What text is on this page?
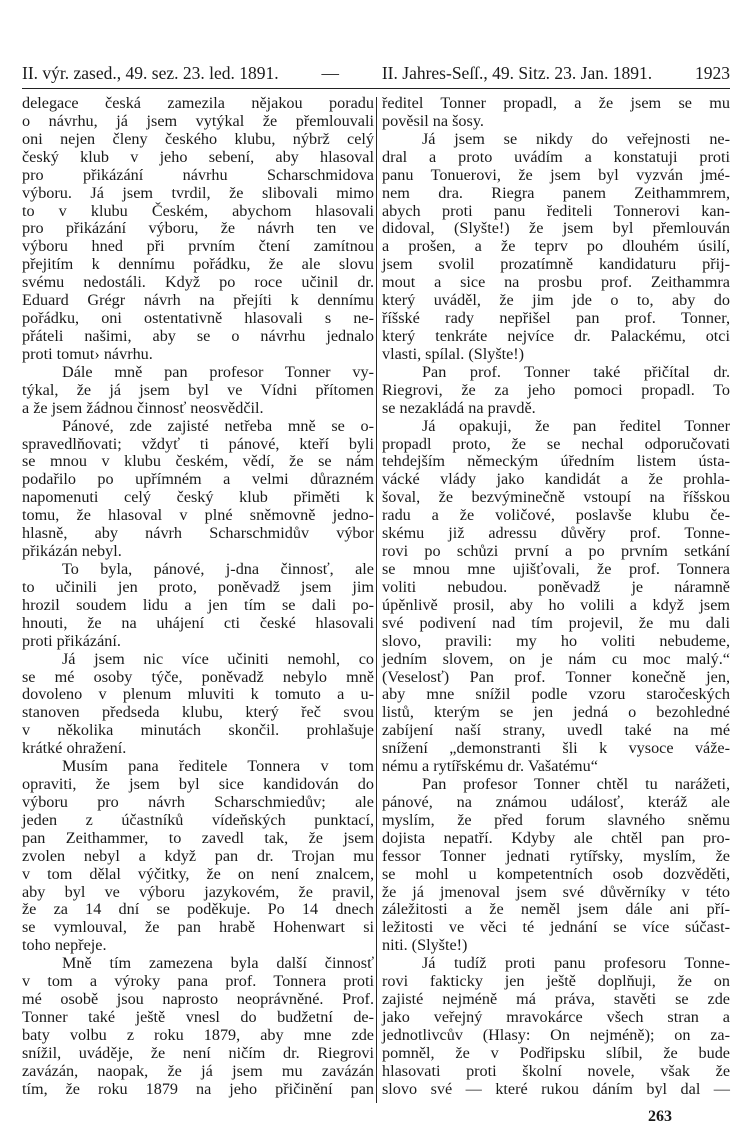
II. výr. zased., 49. sez. 23. led. 1891. — II. Jahres-Seſſ., 49. Sitz. 23. Jan. 1891. 1923
delegace česká zamezila nějakou poradu
o návrhu, já jsem vytýkal že přemlouvali
oni nejen členy českého klubu, nýbrž celý
český klub v jeho sebení, aby hlasoval
pro přikázání návrhu Scharschmidova
výboru. Já jsem tvrdil, že slibovali mimo
to v klubu Českém, abychom hlasovali
pro přikázání výboru, že návrh ten ve
výboru hned při prvním čtení zamítnou
přejitím k dennímu pořádku, že ale slovu
svému nedostáli. Když po roce učinil dr.
Eduard Grégr návrh na přejíti k dennímu
pořádku, oni ostentativně hlasovali s ne-
přáteli našimi, aby se o návrhu jednalo
proti tomut› návrhu.
Dále mně pan profesor Tonner vy-
týkal, že já jsem byl ve Vídni přítomen
a že jsem žádnou činnosť neosvědčil.
Pánové, zde zajisté netřeba mně se o-
spravedlňovati; vždyť ti pánové, kteří byli
se mnou v klubu českém, vědí, že se nám
podařilo po upřímném a velmi důrazném
napomenuti celý český klub přiměti k
tomu, že hlasoval v plné sněmovně jedno-
hlasně, aby návrh Scharschmidův výbor
přikázán nebyl.
To byla, pánové, j-dna činnosť, ale
to učinili jen proto, poněvadž jsem jim
hrozil soudem lidu a jen tím se dali po-
hnouti, že na uhájení cti české hlasovali
proti přikázání.
Já jsem nic více učiniti nemohl, co
se mé osoby týče, poněvadž nebylo mně
dovoleno v plenum mluviti k tomuto a u-
stanoven předseda klubu, který řeč svou
v několika minutách skončil. prohlašuje
krátké ohražení.
Musím pana ředitele Tonnera v tom
opraviti, že jsem byl sice kandidován do
výboru pro návrh Scharschmiedův; ale
jeden z účastníků vídeňských punktací,
pan Zeithammer, to zavedl tak, že jsem
zvolen nebyl a když pan dr. Trojan mu
v tom dělal výčitky, že on není znalcem,
aby byl ve výboru jazykovém, že pravil,
že za 14 dní se poděkuje. Po 14 dnech
se vymlouval, že pan hrabě Hohenwart si
toho nepřeje.
Mně tím zamezena byla další činnosť
v tom a výroky pana prof. Tonnera proti
mé osobě jsou naprosto neoprávněné. Prof.
Tonner také ještě vnesl do budžetní de-
baty volbu z roku 1879, aby mne zde
snížil, uváděje, že není ničím dr. Riegrovi
zavázán, naopak, že já jsem mu zavázán
tím, že roku 1879 na jeho přičinění pan
ředitel Tonner propadl, a že jsem se mu
pověsil na šosy.
Já jsem se nikdy do veřejnosti ne-
dral a proto uvádím a konstatuji proti
panu Tonuerovi, že jsem byl vyzván jmé-
nem dra. Riegra panem Zeithammrem,
abych proti panu řediteli Tonnerovi kan-
didoval, (Slyšte!) že jsem byl přemlouván
a prošen, a že teprv po dlouhém úsilí,
jsem svolil prozatímně kandidaturu přij-
mout a sice na prosbu prof. Zeithammra
který uváděl, že jim jde o to, aby do
říšské rady nepřišel pan prof. Tonner,
který tenkráte nejvíce dr. Palackému, otci
vlasti, spílal. (Slyšte!)
Pan prof. Tonner také přičítal dr.
Riegrovi, že za jeho pomoci propadl. To
se nezakládá na pravdě.
Já opakuji, že pan ředitel Tonner
propadl proto, že se nechal odporučovati
tehdejším německým úředním listem ústa-
vácké vlády jako kandidát a že prohla-
šoval, že bezvýminečně vstoupí na říšskou
radu a že voličové, poslavše klubu če-
skému již adressu důvěry prof. Tonne-
rovi po schůzi první a po prvním setkání
se mnou mne ujišťovali, že prof. Tonnera
voliti nebudou. poněvadž je náramně
úpěnlivě prosil, aby ho volili a když jsem
své podivení nad tím projevil, že mu dali
slovo, pravili: my ho voliti nebudeme,
jedním slovem, on je nám cu moc malý.“
(Veselosť) Pan prof. Tonner konečně jen,
aby mne snížil podle vzoru staročeských
listů, kterým se jen jedná o bezohledné
zabíjení naší strany, uvedl také na mé
snížení „demonstranti šli k vysoce váže-
nému a rytířskému dr. Vašatému“
Pan profesor Tonner chtěl tu narážeti,
pánové, na známou událosť, kteráž ale
myslím, že před forum slavného sněmu
dojista nepatří. Kdyby ale chtěl pan pro-
fessor Tonner jednati rytířsky, myslím, že
se mohl u kompetentních osob dozvěděti,
že já jmenoval jsem své důvěrníky v této
záležitosti a že neměl jsem dále ani pří-
ležitosti ve věci té jednání se více súčast-
niti. (Slyšte!)
Já tudíž proti panu profesoru Tonne-
rovi fakticky jen ještě doplňuji, že on
zajisté nejméně má práva, stavěti se zde
jako veřejný mravokárce všech stran a
jednotlivcův (Hlasy: On nejméně); on za-
pomněl, že v Podřipsku slíbil, že bude
hlasovati proti školní novele, však že
slovo své — které rukou dáním byl dal —
263
